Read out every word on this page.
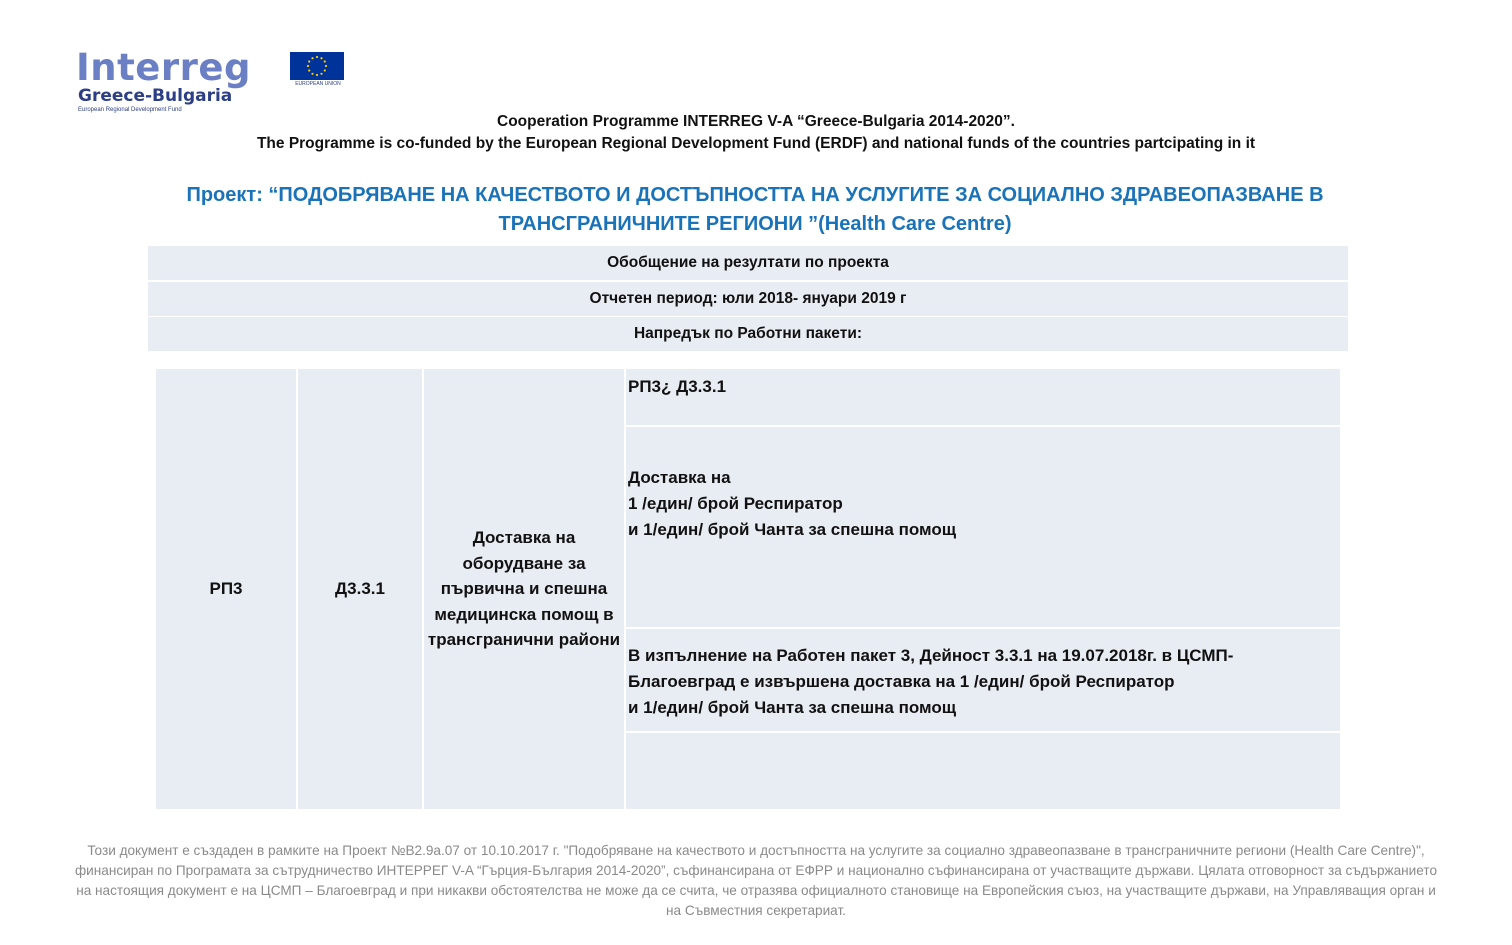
Interreg
Greece-Bulgaria
European Regional Development Fund
EUROPEAN UNION
Cooperation Programme INTERREG V-A “Greece-Bulgaria 2014-2020”.
The Programme is co-funded by the European Regional Development Fund (ERDF) and national funds of the countries partcipating in it
Проект: “ПОДОБРЯВАНЕ НА КАЧЕСТВОТО И ДОСТЪПНОСТТА НА УСЛУГИТЕ ЗА СОЦИАЛНО ЗДРАВЕОПАЗВАНЕ В ТРАНСГРАНИЧНИТЕ РЕГИОНИ ”(Health Care Centre)
Обобщение на резултати по проекта
Отчетен период: юли 2018- януари 2019 г
Напредък по Работни пакети:
РП3	Д3.3.1
Доставка на оборудване за първична и спешна медицинска помощ в трансгранични райони
РП3¿ Д3.3.1
Доставка на
1 /един/ брой Респиратор
и 1/един/ брой Чанта за спешна помощ
В изпълнение на Работен пакет 3, Дейност 3.3.1 на 19.07.2018г. в ЦСМП-Благоевград е извършена доставка на 1 /един/ брой Респиратор
и 1/един/ брой Чанта за спешна помощ
Този документ е създаден в рамките на Проект №B2.9a.07 от 10.10.2017 г. "Подобряване на качеството и достъпността на услугите за социално здравеопазване в трансграничните региони (Health Care Centre)", финансиран по Програмата за сътрудничество ИНТЕРРЕГ V-A “Гърция-България 2014-2020”, съфинансирана от ЕФРР и национално съфинансирана от участващите държави. Цялата отговорност за съдържанието на настоящия документ е на ЦСМП – Благоевград и при никакви обстоятелства не може да се счита, че отразява официалното становище на Европейския съюз, на участващите държави, на Управляващия орган и на Съвместния секретариат.
